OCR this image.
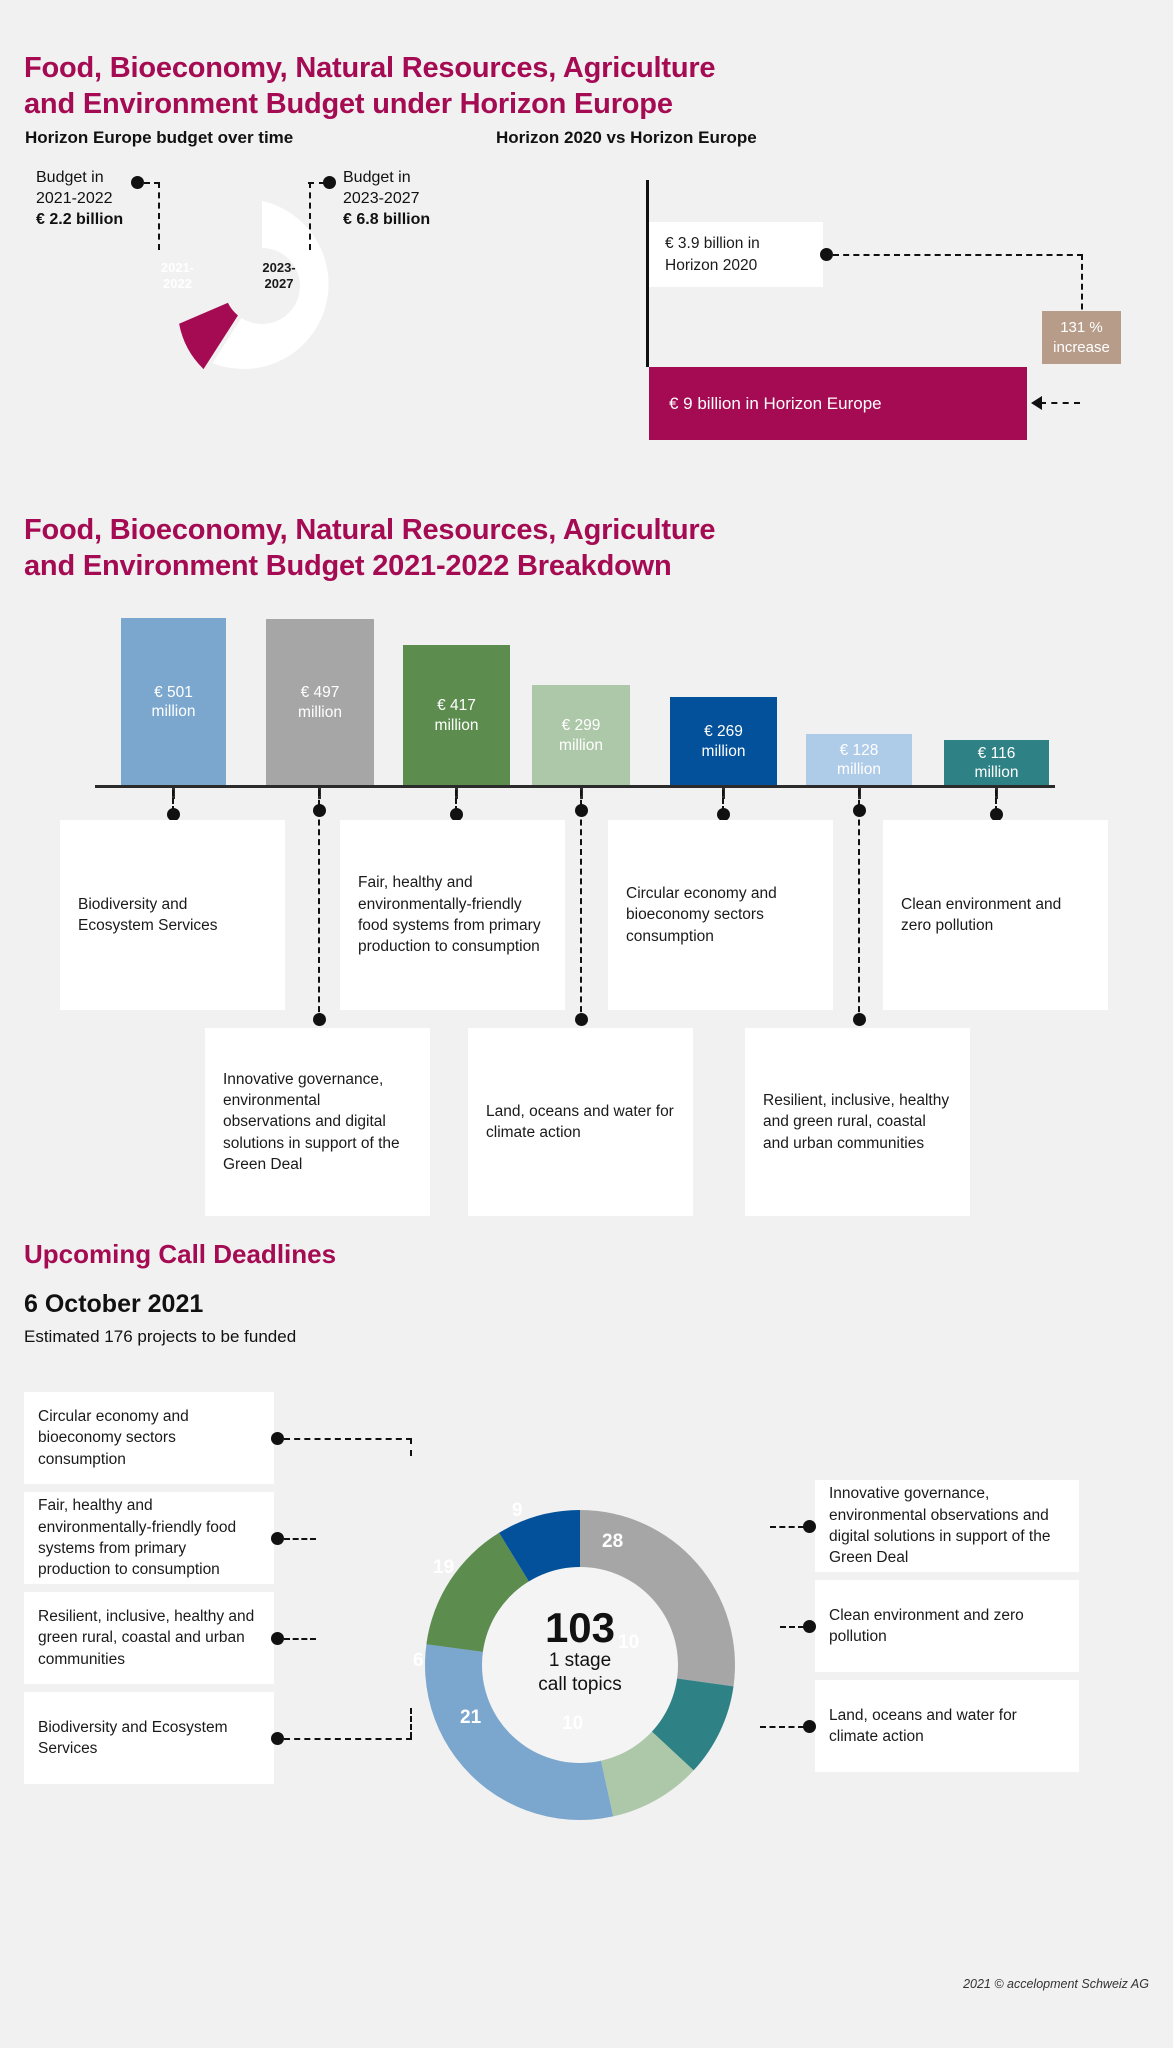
Food, Bioeconomy, Natural Resources, Agriculture and Environment Budget under Horizon Europe
Horizon Europe budget over time	Horizon 2020 vs Horizon Europe
2021-
2022
2023-
2027
Budget in
2021-2022
€ 2.2 billion
Budget in
2023-2027
€ 6.8 billion
€ 3.9 billion in Horizon 2020
€ 9 billion in Horizon Europe
131 %
increase
Food, Bioeconomy, Natural Resources, Agriculture and Environment Budget 2021-2022 Breakdown
€ 501
million
€ 497
million	€ 417
million	€ 299
million
€ 269
million	€ 128
million
€ 116
million
Biodiversity and Ecosystem Services
Innovative governance, environmental observations and digital solutions in support of the Green Deal
Fair, healthy and environmentally-friendly food systems from primary production to consumption
Land, oceans and water for climate action
Circular economy and bioeconomy sectors consumption
Resilient, inclusive, healthy and green rural, coastal and urban communities
Clean environment and zero pollution
Upcoming Call Deadlines
6 October 2021
Estimated 176 projects to be funded
103
1 stage
call topics
28
10
10
21
6
19
9
Circular economy and bioeconomy sectors consumption
Fair, healthy and environmentally-friendly food systems from primary production to consumption
Resilient, inclusive, healthy and green rural, coastal and urban communities
Biodiversity and Ecosystem Services
Innovative governance, environmental observations and digital solutions in support of the Green Deal
Clean environment and zero pollution
Land, oceans and water for climate action
2021 © accelopment Schweiz AG
